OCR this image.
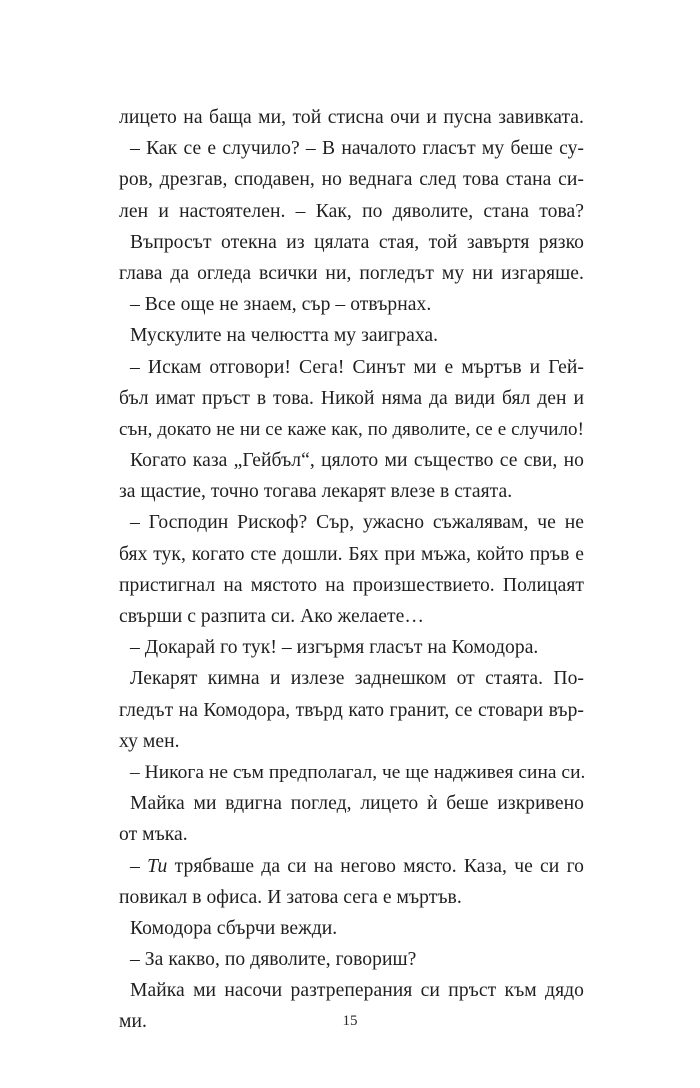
лицето на баща ми, той стисна очи и пусна завивката.
– Как се е случило? – В началото гласът му беше су-
ров, дрезгав, сподавен, но веднага след това стана си-
лен и настоятелен. – Как, по дяволите, стана това?
Въпросът отекна из цялата стая, той завъртя рязко
глава да огледа всички ни, погледът му ни изгаряше.
– Все още не знаем, сър – отвърнах.
Мускулите на челюстта му заиграха.
– Искам отговори! Сега! Синът ми е мъртъв и Гей-
бъл имат пръст в това. Никой няма да види бял ден и
сън, докато не ни се каже как, по дяволите, се е случило!
Когато каза „Гейбъл“, цялото ми същество се сви, но
за щастие, точно тогава лекарят влезе в стаята.
– Господин Рискоф? Сър, ужасно съжалявам, че не
бях тук, когато сте дошли. Бях при мъжа, който пръв е
пристигнал на мястото на произшествието. Полицаят
свърши с разпита си. Ако желаете…
– Докарай го тук! – изгърмя гласът на Комодора.
Лекарят кимна и излезе заднешком от стаята. По-
гледът на Комодора, твърд като гранит, се стовари вър-
ху мен.
– Никога не съм предполагал, че ще надживея сина си.
Майка ми вдигна поглед, лицето ѝ беше изкривено
от мъка.
– Ти трябваше да си на негово място. Каза, че си го
повикал в офиса. И затова сега е мъртъв.
Комодора сбърчи вежди.
– За какво, по дяволите, говориш?
Майка ми насочи разтреперания си пръст към дядо
ми.	15
